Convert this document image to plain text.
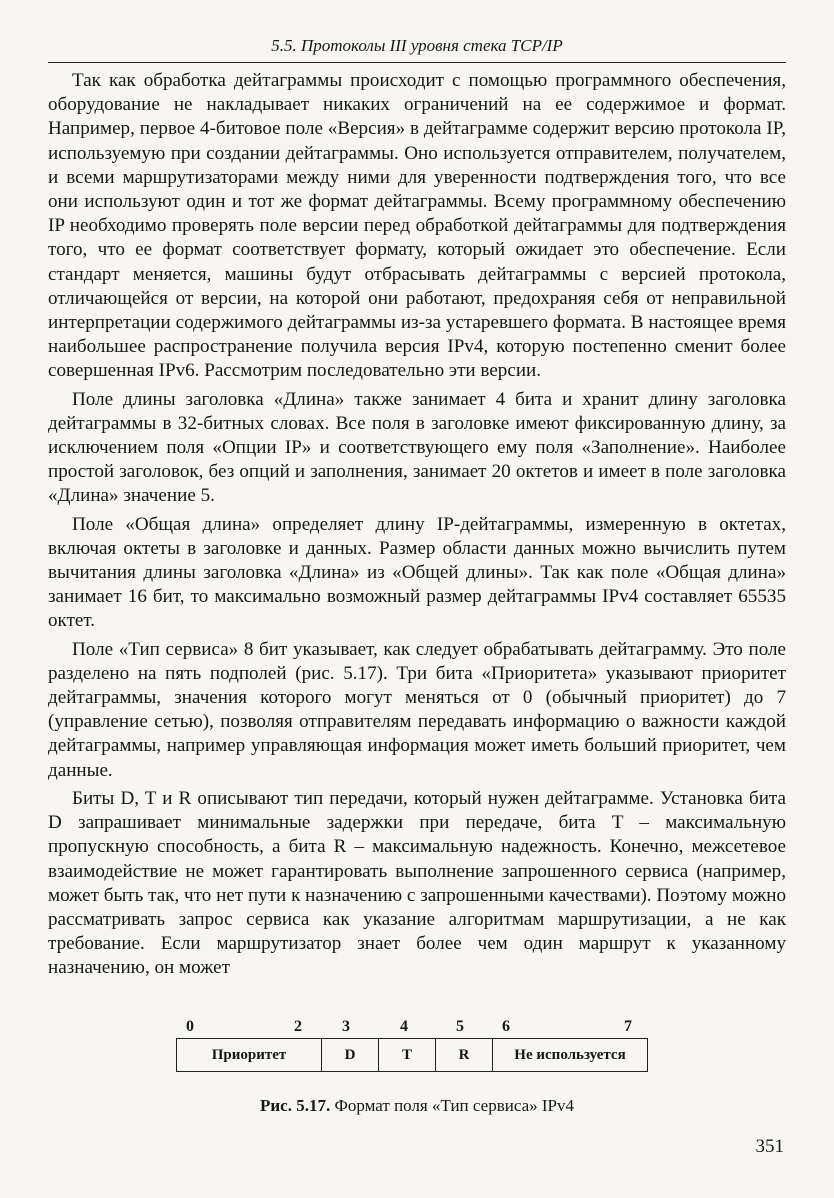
5.5. Протоколы III уровня стека TCP/IP

Так как обработка дейтаграммы происходит с помощью программного обеспечения, оборудование не накладывает никаких ограничений на ее содержимое и формат. Например, первое 4-битовое поле «Версия» в дейтаграмме содержит версию протокола IP, используемую при создании дейтаграммы. Оно используется отправителем, получателем, и всеми маршрутизаторами между ними для уверенности подтверждения того, что все они используют один и тот же формат дейтаграммы. Всему программному обеспечению IP необходимо проверять поле версии перед обработкой дейтаграммы для подтверждения того, что ее формат соответствует формату, который ожидает это обеспечение. Если стандарт меняется, машины будут отбрасывать дейтаграммы с версией протокола, отличающейся от версии, на которой они работают, предохраняя себя от неправильной интерпретации содержимого дейтаграммы из-за устаревшего формата. В настоящее время наибольшее распространение получила версия IPv4, которую постепенно сменит более совершенная IPv6. Рассмотрим последовательно эти версии.

Поле длины заголовка «Длина» также занимает 4 бита и хранит длину заголовка дейтаграммы в 32-битных словах. Все поля в заголовке имеют фиксированную длину, за исключением поля «Опции IP» и соответствующего ему поля «Заполнение». Наиболее простой заголовок, без опций и заполнения, занимает 20 октетов и имеет в поле заголовка «Длина» значение 5.

Поле «Общая длина» определяет длину IP-дейтаграммы, измеренную в октетах, включая октеты в заголовке и данных. Размер области данных можно вычислить путем вычитания длины заголовка «Длина» из «Общей длины». Так как поле «Общая длина» занимает 16 бит, то максимально возможный размер дейтаграммы IPv4 составляет 65535 октет.

Поле «Тип сервиса» 8 бит указывает, как следует обрабатывать дейтаграмму. Это поле разделено на пять подполей (рис. 5.17). Три бита «Приоритета» указывают приоритет дейтаграммы, значения которого могут меняться от 0 (обычный приоритет) до 7 (управление сетью), позволяя отправителям передавать информацию о важности каждой дейтаграммы, например управляющая информация может иметь больший приоритет, чем данные.

Биты D, T и R описывают тип передачи, который нужен дейтаграмме. Установка бита D запрашивает минимальные задержки при передаче, бита T – максимальную пропускную способность, а бита R – максимальную надежность. Конечно, межсетевое взаимодействие не может гарантировать выполнение запрошенного сервиса (например, может быть так, что нет пути к назначению с запрошенными качествами). Поэтому можно рассматривать запрос сервиса как указание алгоритмам маршрутизации, а не как требование. Если маршрутизатор знает более чем один маршрут к указанному назначению, он может

0	2	3	4	5 6	7
Приоритет	D	T	R	Не используется
Рис. 5.17. Формат поля «Тип сервиса» IPv4
351
